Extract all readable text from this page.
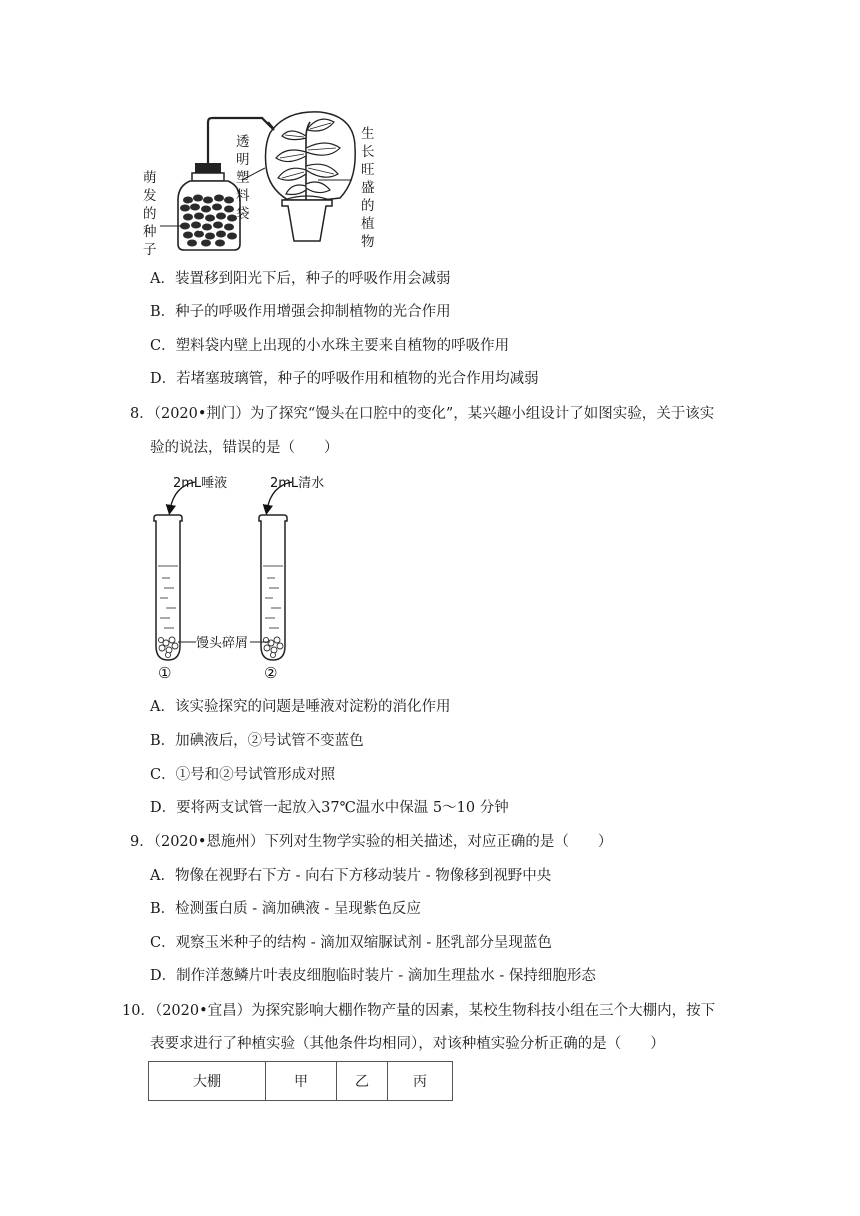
萌
发
的
种
子
透
明
塑
料
袋
生
长
旺
盛
的
植
物
A．装置移到阳光下后，种子的呼吸作用会减弱
B．种子的呼吸作用增强会抑制植物的光合作用
C．塑料袋内壁上出现的小水珠主要来自植物的呼吸作用
D．若堵塞玻璃管，种子的呼吸作用和植物的光合作用均减弱
8．（2020•荆门）为了探究“馒头在口腔中的变化”，某兴趣小组设计了如图实验，关于该实
验的说法，错误的是（　　）
2mL唾液	2mL清水
馒头碎屑
①	②
A．该实验探究的问题是唾液对淀粉的消化作用
B．加碘液后，②号试管不变蓝色
C．①号和②号试管形成对照
D．要将两支试管一起放入37℃温水中保温 5～10 分钟
9．（2020•恩施州）下列对生物学实验的相关描述，对应正确的是（　　）
A．物像在视野右下方 - 向右下方移动装片 - 物像移到视野中央
B．检测蛋白质 - 滴加碘液 - 呈现紫色反应
C．观察玉米种子的结构 - 滴加双缩脲试剂 - 胚乳部分呈现蓝色
D．制作洋葱鳞片叶表皮细胞临时装片 - 滴加生理盐水 - 保持细胞形态
10．（2020•宜昌）为探究影响大棚作物产量的因素，某校生物科技小组在三个大棚内，按下
表要求进行了种植实验（其他条件均相同），对该种植实验分析正确的是（　　）
大棚	甲	乙	丙
